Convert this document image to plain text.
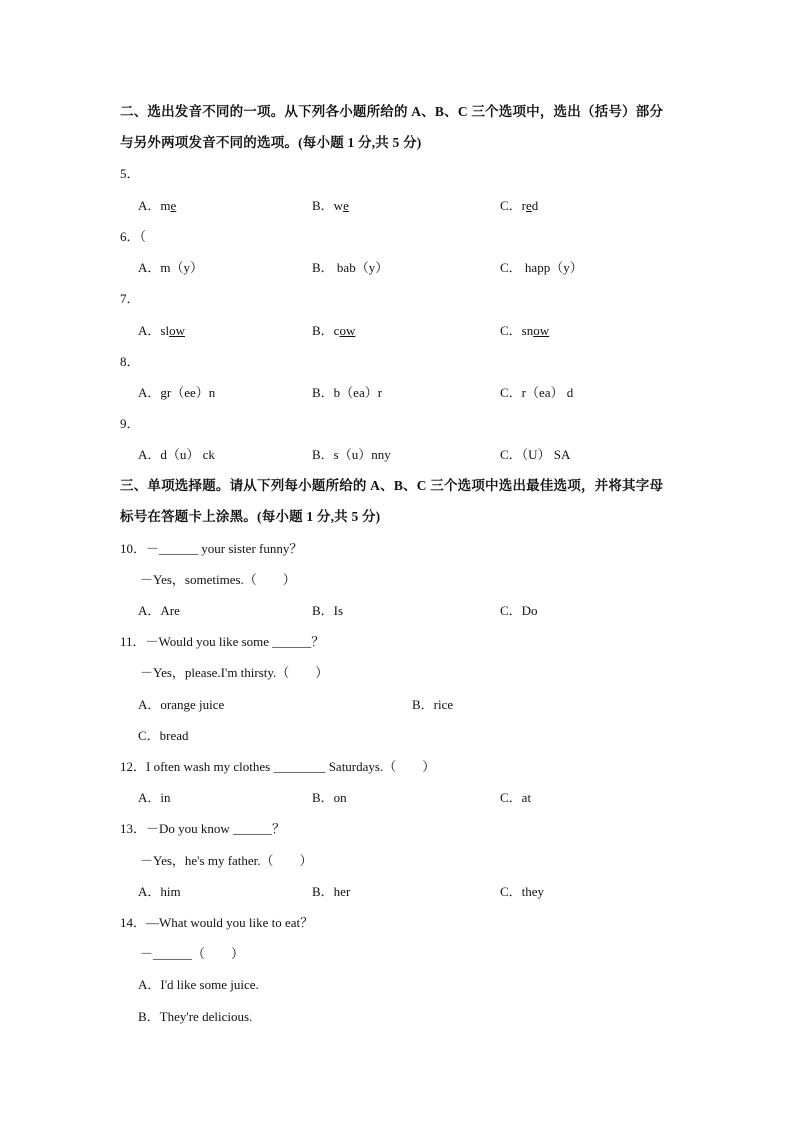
二、选出发音不同的一项。从下列各小题所给的 A、B、C 三个选项中，选出（括号）部分
与另外两项发音不同的选项。(每小题 1 分,共 5 分)
5．
A．me	B．we	C．red
6．（
A．m（y）	B． bab（y）	C． happ（y）
7．
A．slow	B．cow	C．snow
8．
A．gr（ee）n	B．b（ea）r	C．r（ea） d
9．
A．d（u） ck	B．s（u）nny	C．（U） SA
三、单项选择题。请从下列每小题所给的 A、B、C 三个选项中选出最佳选项，并将其字母
标号在答题卡上涂黑。(每小题 1 分,共 5 分)
10．－______ your sister funny？
－Yes，sometimes.（　　）
A．Are	B．Is	C．Do
11．－Would you like some ______？
－Yes，please.I'm thirsty.（　　）
A．orange juice	B．rice
C．bread
12．I often wash my clothes ________ Saturdays.（　　）
A．in	B．on	C．at
13．－Do you know ______？
－Yes，he's my father.（　　）
A．him	B．her	C．they
14．—What would you like to eat？
－______（　　）
A．I'd like some juice.
B．They're delicious.
